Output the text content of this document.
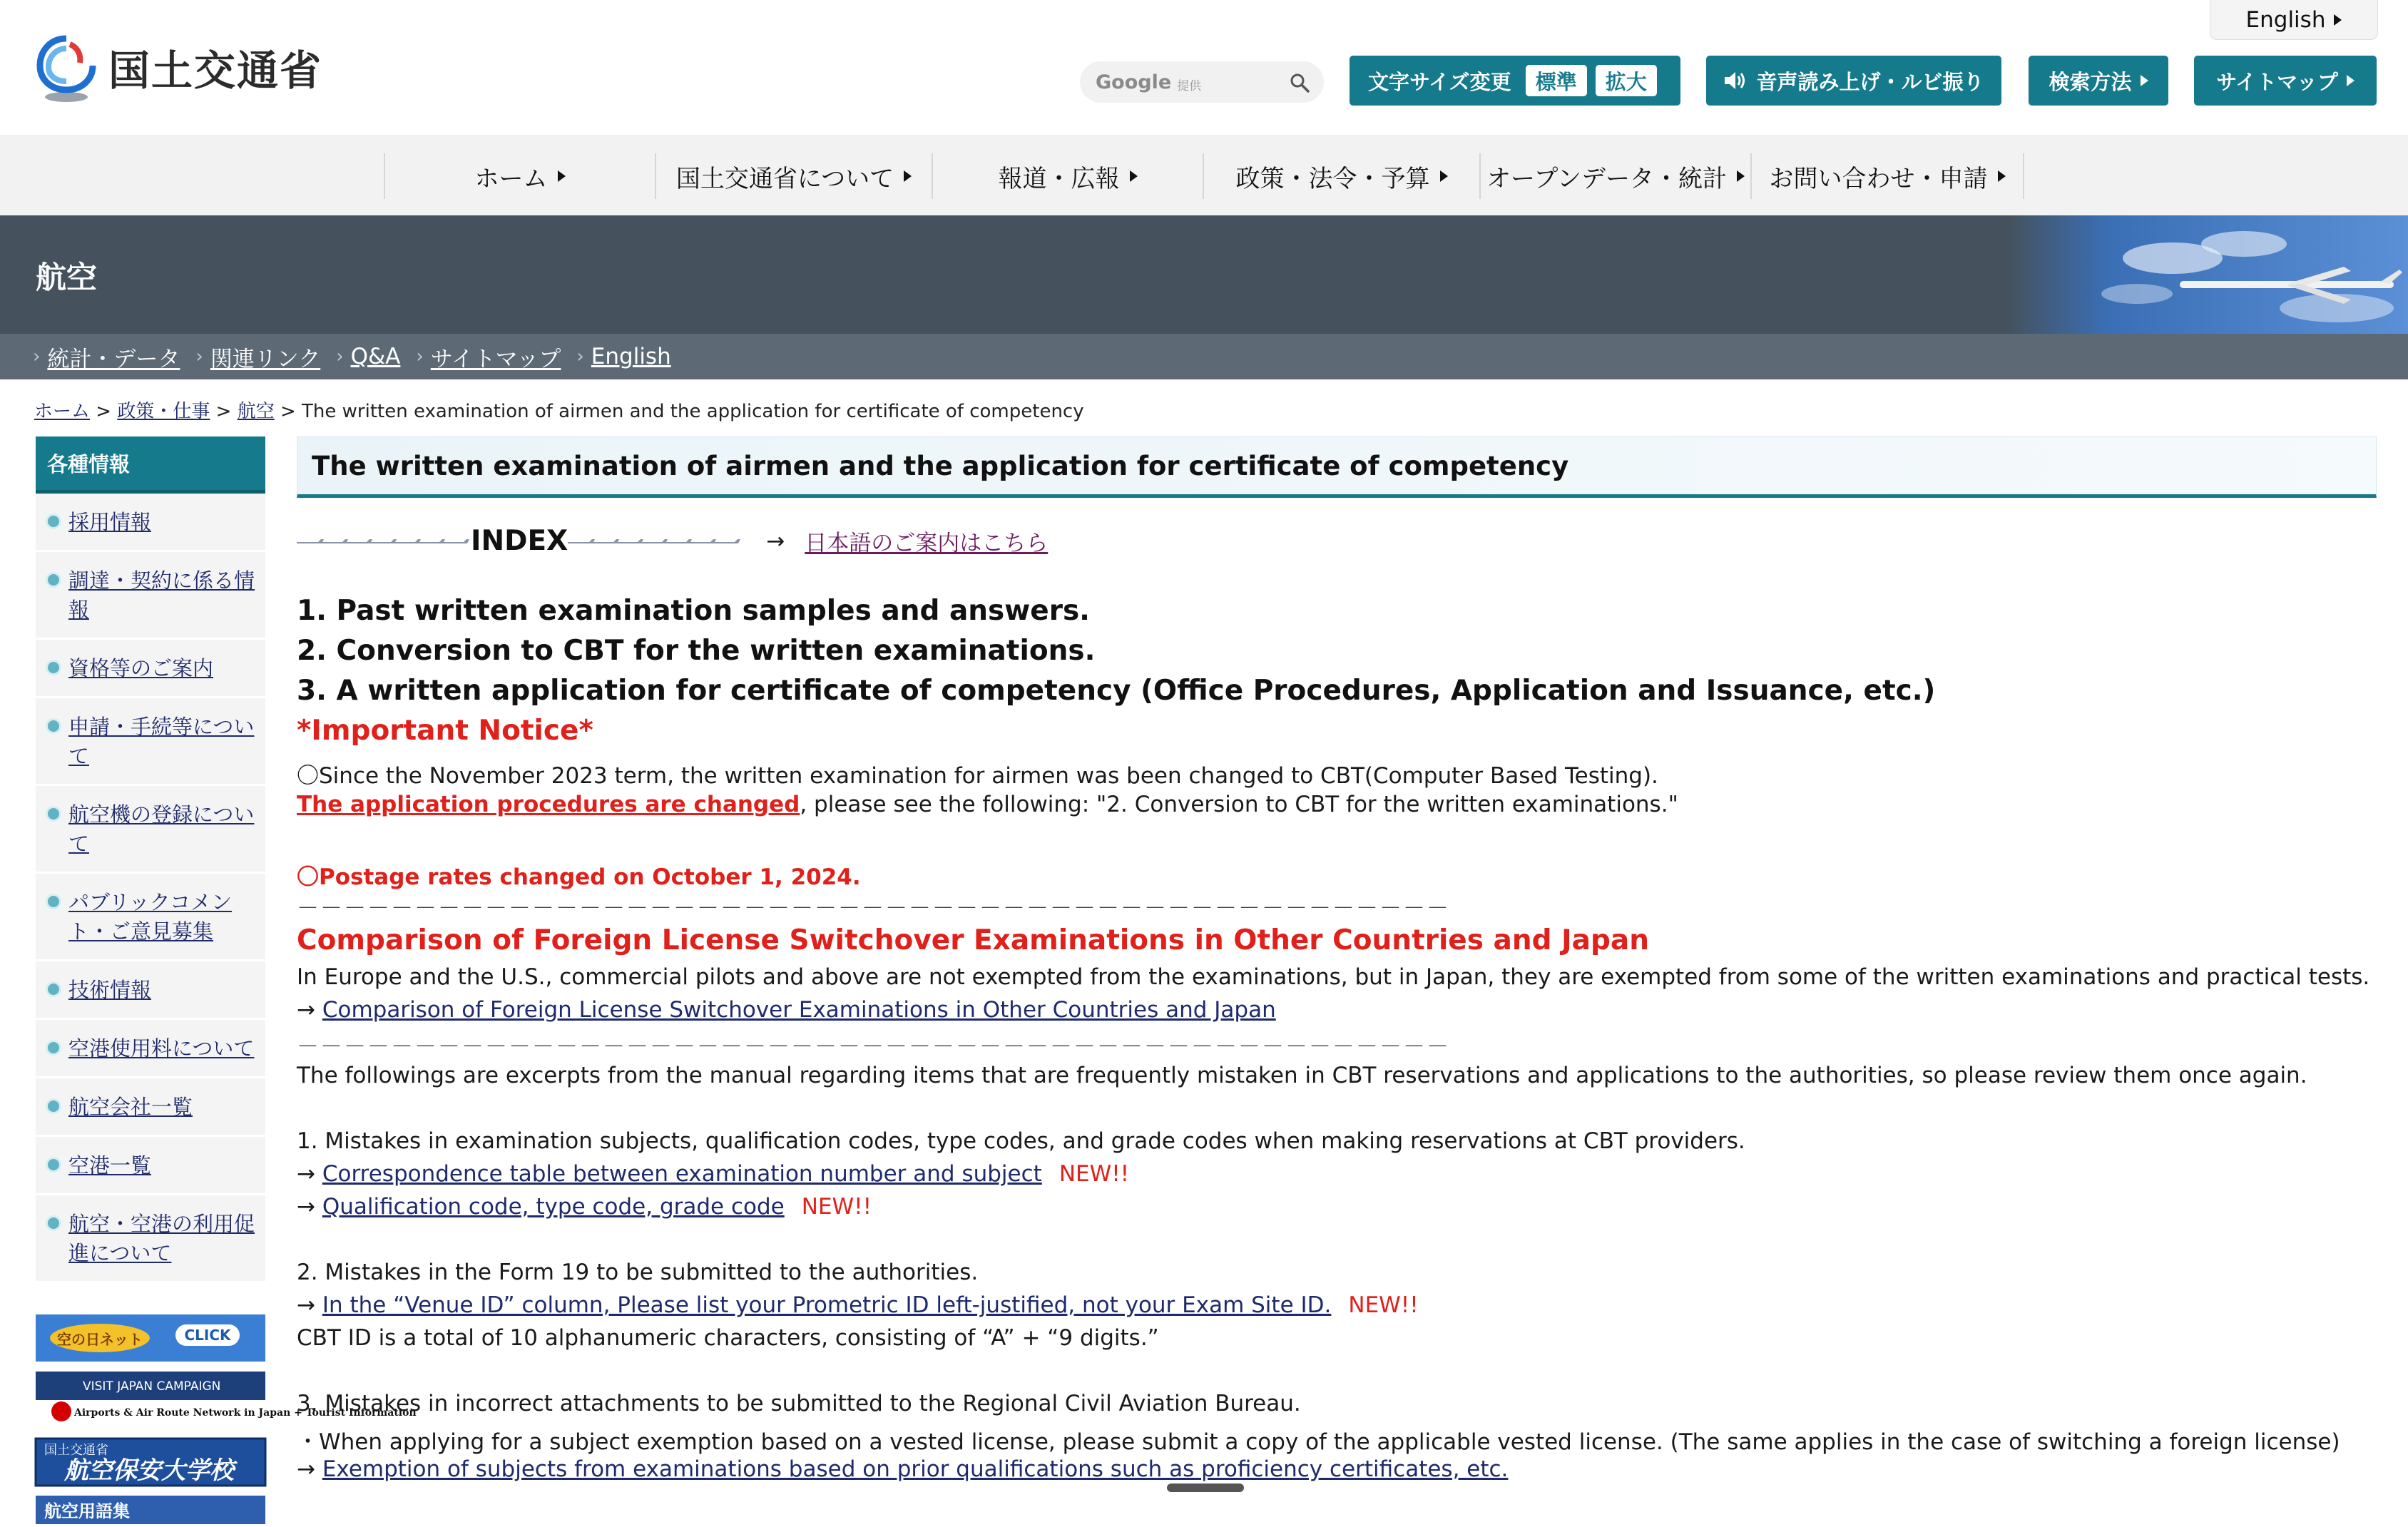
国土交通省
English
Google 提供	文字サイズ変更	標準	拡大	音声読み上げ・ルビ振り	検索方法	サイトマップ
ホーム	国土交通省について	報道・広報	政策・法令・予算 オープンデータ・統計 お問い合わせ・申請
航空
› 統計・データ › 関連リンク › Q&A › サイトマップ › English
ホーム > 政策・仕事 > 航空 > The written examination of airmen and the application for certificate of competency
各種情報
採用情報
調達・契約に係る情報
資格等のご案内
申請・手続等について
航空機の登録について
パブリックコメント・ご意見募集
技術情報
空港使用料について
航空会社一覧
空港一覧
航空・空港の利用促進について
空の日ネット	CLICK

VISIT JAPAN CAMPAIGN
Airports & Air Route Network in Japan + Tourist Information

国土交通省
航空保安大学校

航空用語集
The written examination of airmen and the application for certificate of competency
INDEX	→ 日本語のご案内はこちら
1. Past written examination samples and answers.
2. Conversion to CBT for the written examinations.
3. A written application for certificate of competency (Office Procedures, Application and Issuance, etc.)
*Important Notice*
〇Since the November 2023 term, the written examination for airmen was been changed to CBT(Computer Based Testing).
The application procedures are changed, please see the following: "2. Conversion to CBT for the written examinations."
〇Postage rates changed on October 1, 2024.
－－－－－－－－－－－－－－－－－－－－－－－－－－－－－－－－－－－－－－－－－－－－－－－－－
Comparison of Foreign License Switchover Examinations in Other Countries and Japan
In Europe and the U.S., commercial pilots and above are not exempted from the examinations, but in Japan, they are exempted from some of the written examinations and practical tests.
→ Comparison of Foreign License Switchover Examinations in Other Countries and Japan
－－－－－－－－－－－－－－－－－－－－－－－－－－－－－－－－－－－－－－－－－－－－－－－－－
The followings are excerpts from the manual regarding items that are frequently mistaken in CBT reservations and applications to the authorities, so please review them once again.
1. Mistakes in examination subjects, qualification codes, type codes, and grade codes when making reservations at CBT providers.
→ Correspondence table between examination number and subject NEW!!
→ Qualification code, type code, grade code NEW!!
2. Mistakes in the Form 19 to be submitted to the authorities.
→ In the “Venue ID” column, Please list your Prometric ID left-justified, not your Exam Site ID. NEW!!
CBT ID is a total of 10 alphanumeric characters, consisting of “A” + “9 digits.”
3. Mistakes in incorrect attachments to be submitted to the Regional Civil Aviation Bureau.
・When applying for a subject exemption based on a vested license, please submit a copy of the applicable vested license. (The same applies in the case of switching a foreign license)
→ Exemption of subjects from examinations based on prior qualifications such as proficiency certificates, etc.
